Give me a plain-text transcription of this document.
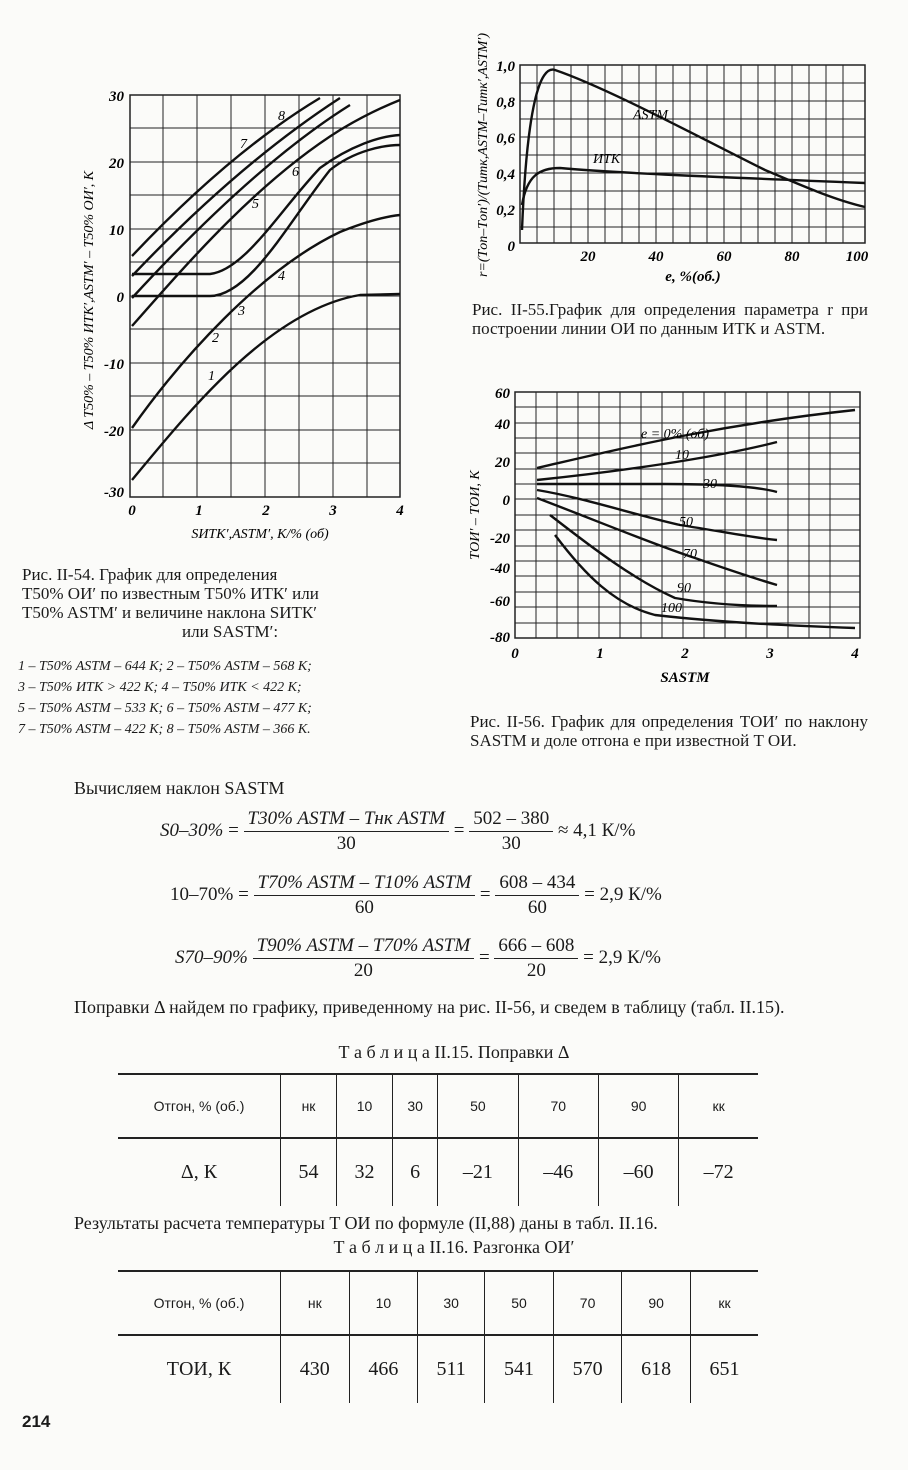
30
20
10
0
-10
-20
-30
0	1	2	3	4
SИТК′,ASTM′, К/% (об)
Δ T50% – T50% ИТК′,ASTM′ – T50% ОИ′, К	1
2
3
4
5
6
7
8
Рис. II-54. График для определения
T50% ОИ′ по известным T50% ИТК′ или
T50% ASTM′ и величине наклона SИТК′
или SASTM′:
1 – T50% ASTM – 644 К; 2 – T50% ASTM – 568 К;
3 – T50% ИТК > 422 К; 4 – T50% ИТК < 422 К;
5 – T50% ASTM – 533 К; 6 – T50% ASTM – 477 К;
7 – T50% ASTM – 422 К; 8 – T50% ASTM – 366 К.
1,0
0,8
0,6
0,4
0,2
0
20	40	60	80	100
e, %(об.)
r=(Tоп–Tоп′)/(Tитк,ASTM–Tитк′,ASTM′)	ASTM
ИТК
Рис. II-55.График для определения параметра r при построении линии ОИ по данным ИТК и ASTM.
60
40
20
0
-20
-40
-60
-80
0	1	2	3	4
SASTM
TОИ′ – TОИ, К
e = 0% (об)
10
30
50
70
90
100
Рис. II-56. График для определения TОИ′ по наклону SASTM и доле отгона e при известной T ОИ.
Вычисляем наклон SASTM
$S0-30\% = \frac{\text{T30\% ASTM – Tнк ASTM}}{30} = \frac{502 - 380}{30} \approx 4,1$ К/%
$10-70\% = \frac{\text{T70\% ASTM – T10\% ASTM}}{60} = \frac{608 - 434}{60} = 2,9$ К/%
$S70-90\% \frac{\text{T90\% ASTM – T70\% ASTM}}{20} = \frac{666 - 608}{20} = 2,9$ К/%
Поправки Δ найдем по графику, приведенному на рис. II-56, и сведем в таблицу (табл. II.15).
Т а б л и ц а II.15. Поправки Δ
Отгон, % (об.)	нк	10	30	50	70	90	кк
Δ, К	54	32	6	–21	–46	–60	–72
Результаты расчета температуры T ОИ по формуле (II,88) даны в табл. II.16.
Т а б л и ц а II.16. Разгонка ОИ′
Отгон, % (об.)	нк	10	30	50	70	90	кк
TОИ, К	430	466	511	541	570	618	651
214
